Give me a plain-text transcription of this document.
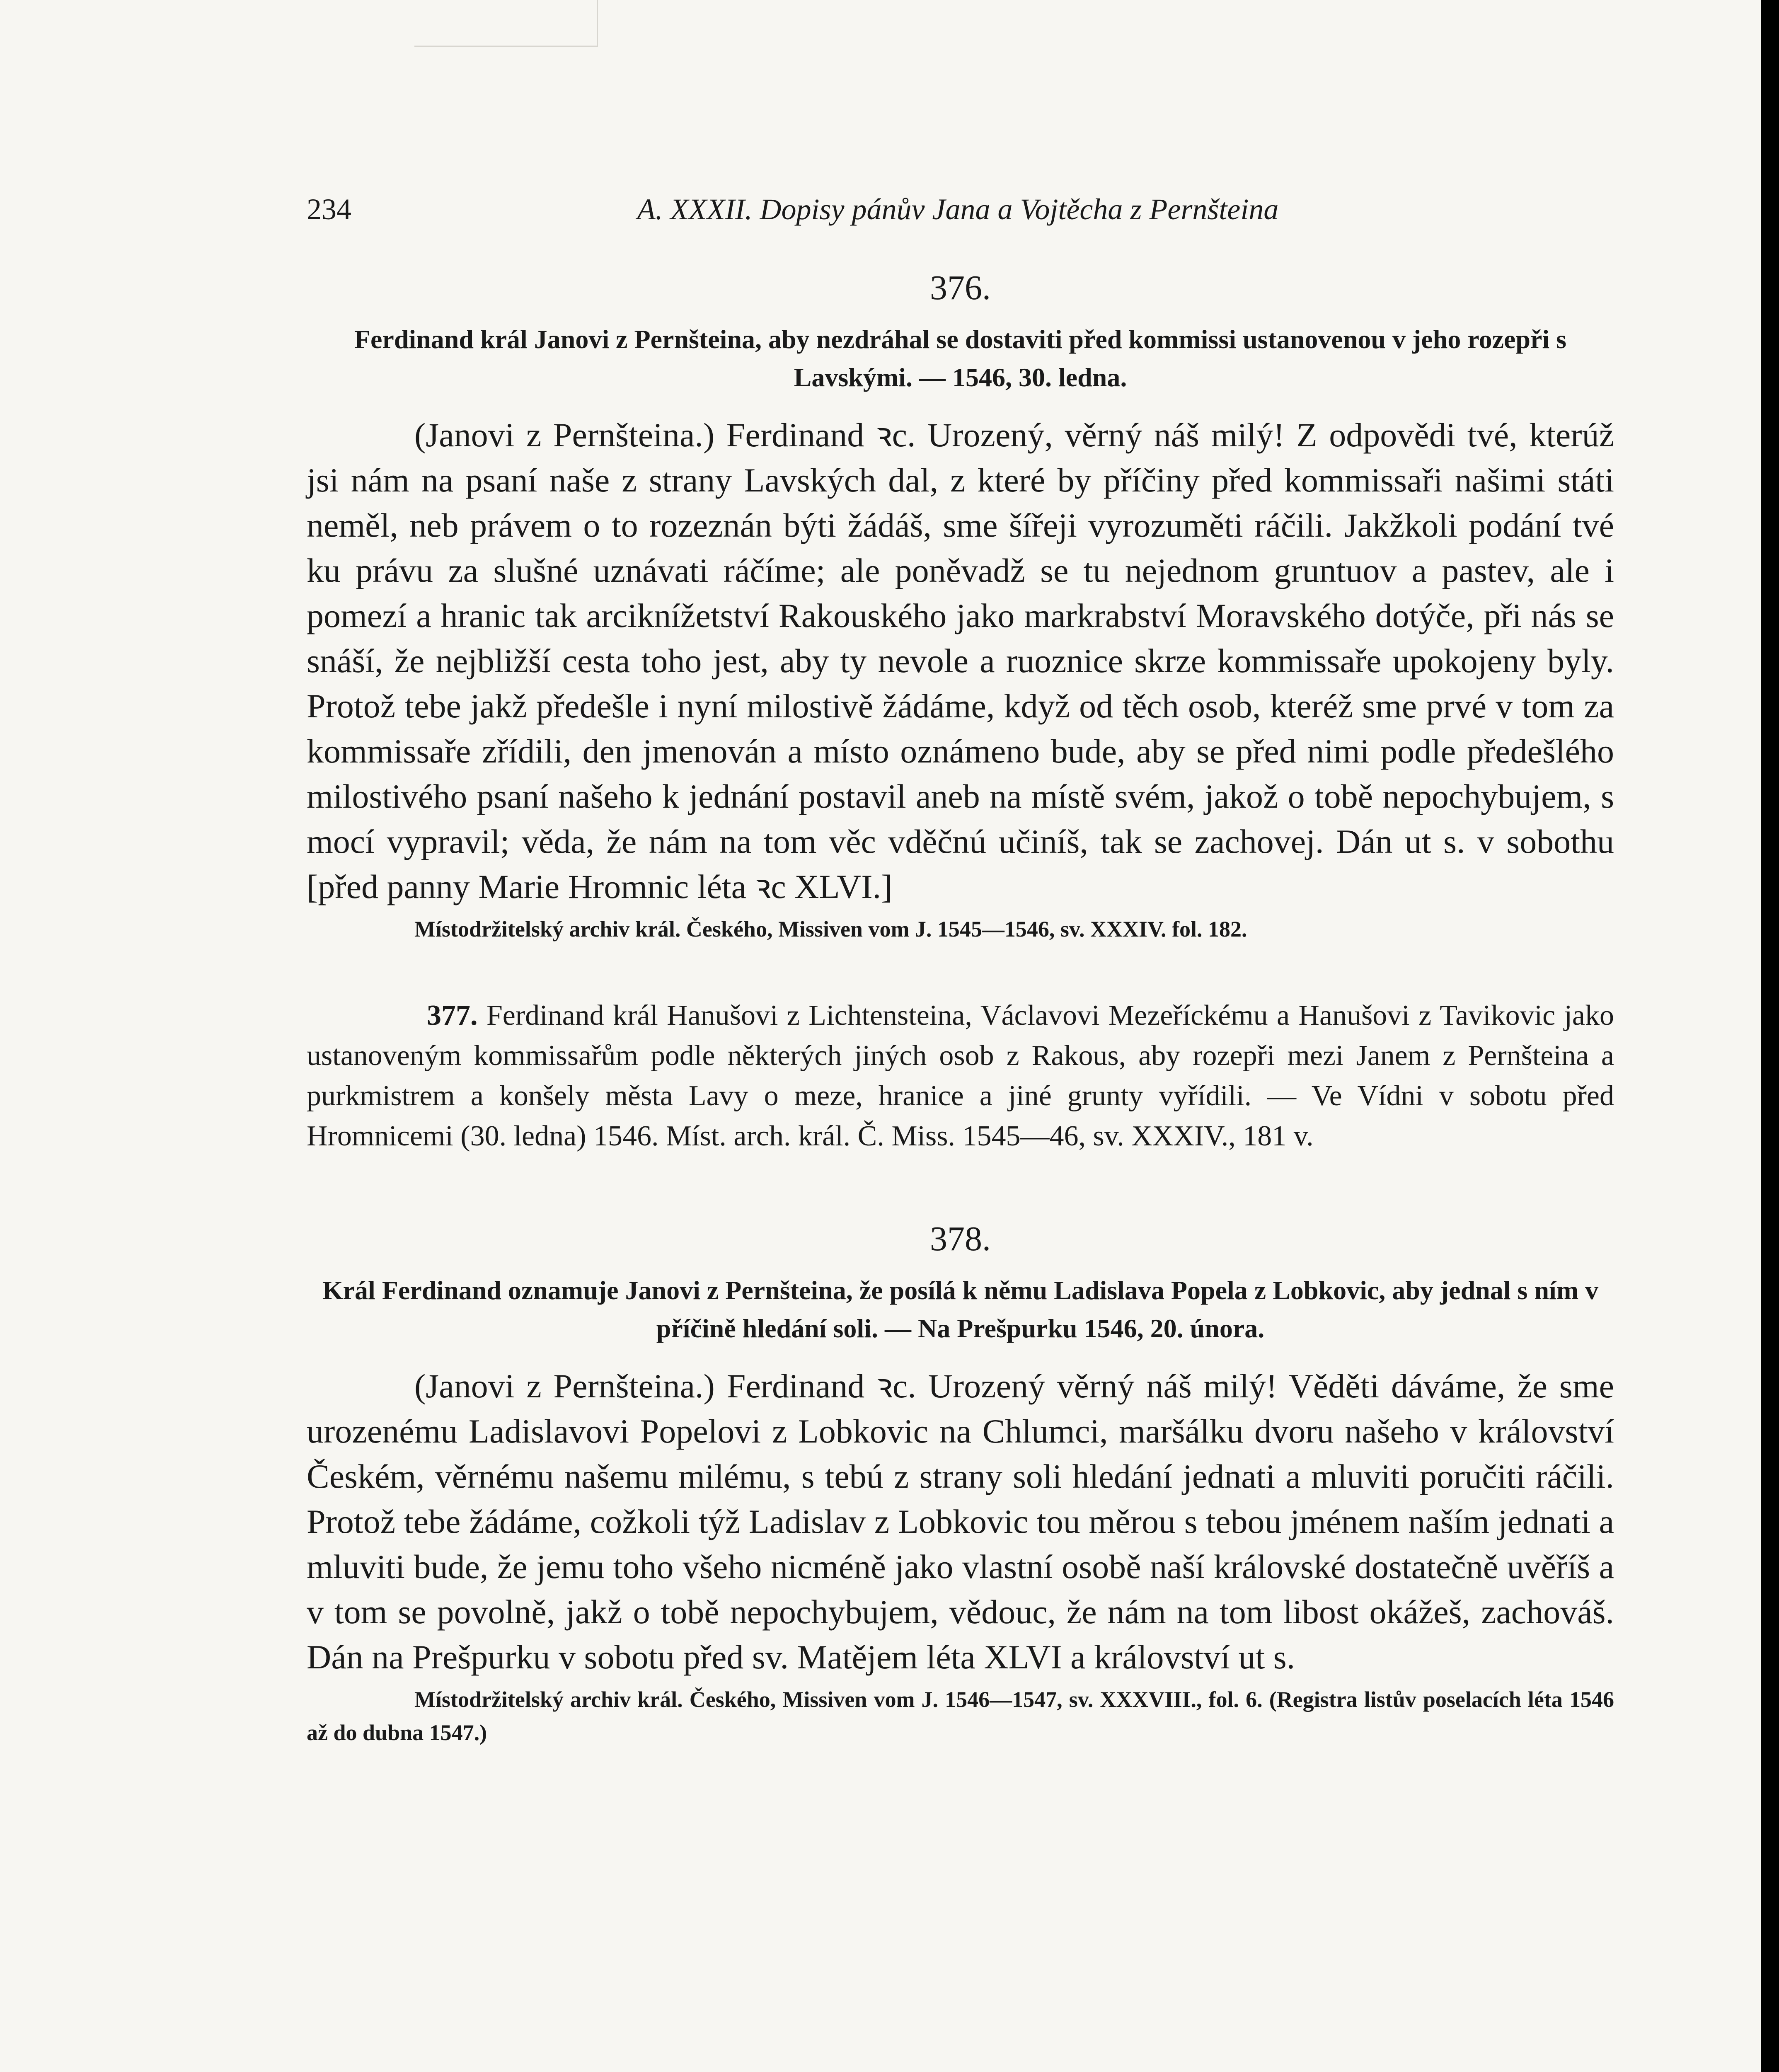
234	A. XXXII. Dopisy pánův Jana a Vojtěcha z Pernšteina
376.
Ferdinand král Janovi z Pernšteina, aby nezdráhal se dostaviti před kommissi ustanovenou v jeho rozepři s Lavskými. — 1546, 30. ledna.
(Janovi z Pernšteina.) Ferdinand ꝛc. Urozený, věrný náš milý! Z odpovědi tvé, kterúž jsi nám na psaní naše z strany Lavských dal, z které by příčiny před kommissaři našimi státi neměl, neb právem o to rozeznán býti žádáš, sme šířeji vyrozuměti ráčili. Jakžkoli podání tvé ku právu za slušné uznávati ráčíme; ale poněvadž se tu nejednom gruntuov a pastev, ale i pomezí a hranic tak arciknížetství Rakouského jako markrabství Moravského dotýče, při nás se snáší, že nejbližší cesta toho jest, aby ty nevole a ruoznice skrze kommissaře upokojeny byly. Protož tebe jakž předešle i nyní milostivě žádáme, když od těch osob, kteréž sme prvé v tom za kommissaře zřídili, den jmenován a místo oznámeno bude, aby se před nimi podle předešlého milostivého psaní našeho k jednání postavil aneb na místě svém, jakož o tobě nepochybujem, s mocí vypravil; věda, že nám na tom věc vděčnú učiníš, tak se zachovej. Dán ut s. v sobothu [před panny Marie Hromnic léta ꝛc XLVI.]
Místodržitelský archiv král. Českého, Missiven vom J. 1545—1546, sv. XXXIV. fol. 182.
377. Ferdinand král Hanušovi z Lichtensteina, Václavovi Mezeříckému a Hanušovi z Tavikovic jako ustanoveným kommissařům podle některých jiných osob z Rakous, aby rozepři mezi Janem z Pernšteina a purkmistrem a konšely města Lavy o meze, hranice a jiné grunty vyřídili. — Ve Vídni v sobotu před Hromnicemi (30. ledna) 1546. Míst. arch. král. Č. Miss. 1545—46, sv. XXXIV., 181 v.
378.
Král Ferdinand oznamuje Janovi z Pernšteina, že posílá k němu Ladislava Popela z Lobkovic, aby jednal s ním v příčině hledání soli. — Na Prešpurku 1546, 20. února.
(Janovi z Pernšteina.) Ferdinand ꝛc. Urozený věrný náš milý! Věděti dáváme, že sme urozenému Ladislavovi Popelovi z Lobkovic na Chlumci, maršálku dvoru našeho v království Českém, věrnému našemu milému, s tebú z strany soli hledání jednati a mluviti poručiti ráčili. Protož tebe žádáme, cožkoli týž Ladislav z Lobkovic tou měrou s tebou jménem naším jednati a mluviti bude, že jemu toho všeho nicméně jako vlastní osobě naší královské dostatečně uvěříš a v tom se povolně, jakž o tobě nepochybujem, vědouc, že nám na tom libost okážeš, zachováš. Dán na Prešpurku v sobotu před sv. Matějem léta XLVI a království ut s.
Místodržitelský archiv král. Českého, Missiven vom J. 1546—1547, sv. XXXVIII., fol. 6. (Registra listův poselacích léta 1546 až do dubna 1547.)
